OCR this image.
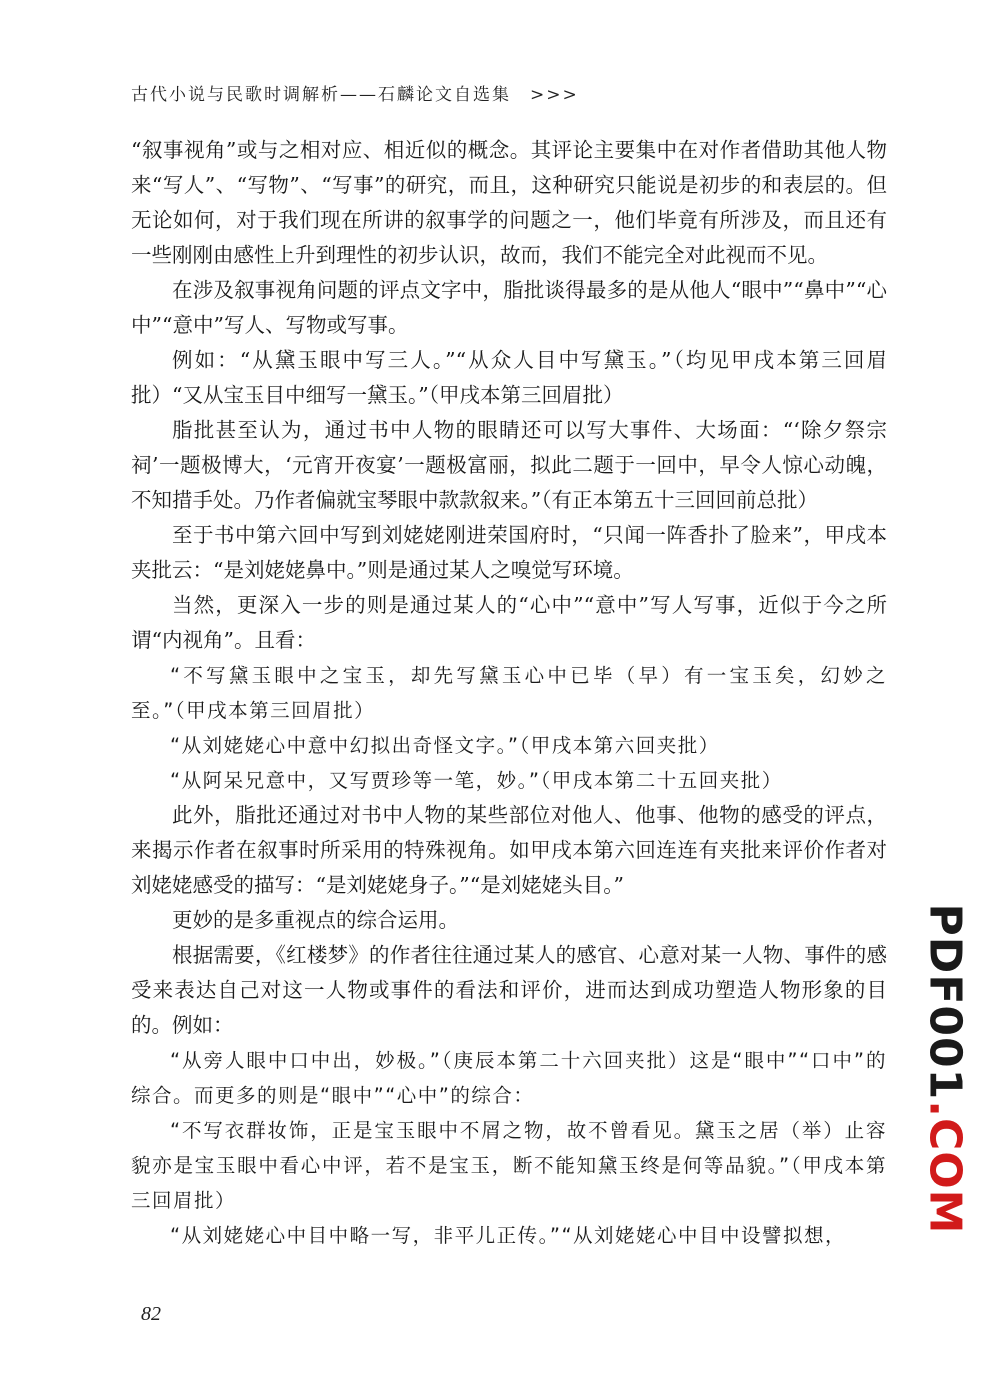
古代小说与民歌时调解析——石麟论文自选集　>>>

“叙事视角”或与之相对应、相近似的概念。其评论主要集中在对作者借助其他人物来“写人”、“写物”、“写事”的研究，而且，这种研究只能说是初步的和表层的。但无论如何，对于我们现在所讲的叙事学的问题之一，他们毕竟有所涉及，而且还有一些刚刚由感性上升到理性的初步认识，故而，我们不能完全对此视而不见。

在涉及叙事视角问题的评点文字中，脂批谈得最多的是从他人“眼中”“鼻中”“心中”“意中”写人、写物或写事。

例如：“从黛玉眼中写三人。”“从众人目中写黛玉。”（均见甲戌本第三回眉批）“又从宝玉目中细写一黛玉。”（甲戌本第三回眉批）

脂批甚至认为，通过书中人物的眼睛还可以写大事件、大场面：“‘除夕祭宗祠’一题极博大，‘元宵开夜宴’一题极富丽，拟此二题于一回中，早令人惊心动魄，不知措手处。乃作者偏就宝琴眼中款款叙来。”（有正本第五十三回回前总批）

至于书中第六回中写到刘姥姥刚进荣国府时，“只闻一阵香扑了脸来”，甲戌本夹批云：“是刘姥姥鼻中。”则是通过某人之嗅觉写环境。

当然，更深入一步的则是通过某人的“心中”“意中”写人写事，近似于今之所谓“内视角”。且看：

“不写黛玉眼中之宝玉，却先写黛玉心中已毕（早）有一宝玉矣，幻妙之至。”（甲戌本第三回眉批）

“从刘姥姥心中意中幻拟出奇怪文字。”（甲戌本第六回夹批）

“从阿呆兄意中，又写贾珍等一笔，妙。”（甲戌本第二十五回夹批）

此外，脂批还通过对书中人物的某些部位对他人、他事、他物的感受的评点，来揭示作者在叙事时所采用的特殊视角。如甲戌本第六回连连有夹批来评价作者对刘姥姥感受的描写：“是刘姥姥身子。”“是刘姥姥头目。”

更妙的是多重视点的综合运用。

根据需要，《红楼梦》的作者往往通过某人的感官、心意对某一人物、事件的感受来表达自己对这一人物或事件的看法和评价，进而达到成功塑造人物形象的目的。例如：

“从旁人眼中口中出，妙极。”（庚辰本第二十六回夹批）这是“眼中”“口中”的综合。而更多的则是“眼中”“心中”的综合：

“不写衣群妆饰，正是宝玉眼中不屑之物，故不曾看见。黛玉之居（举）止容貌亦是宝玉眼中看心中评，若不是宝玉，断不能知黛玉终是何等品貌。”（甲戌本第三回眉批）

“从刘姥姥心中目中略一写，非平儿正传。”“从刘姥姥心中目中设譬拟想，

82
PDF001.COM
